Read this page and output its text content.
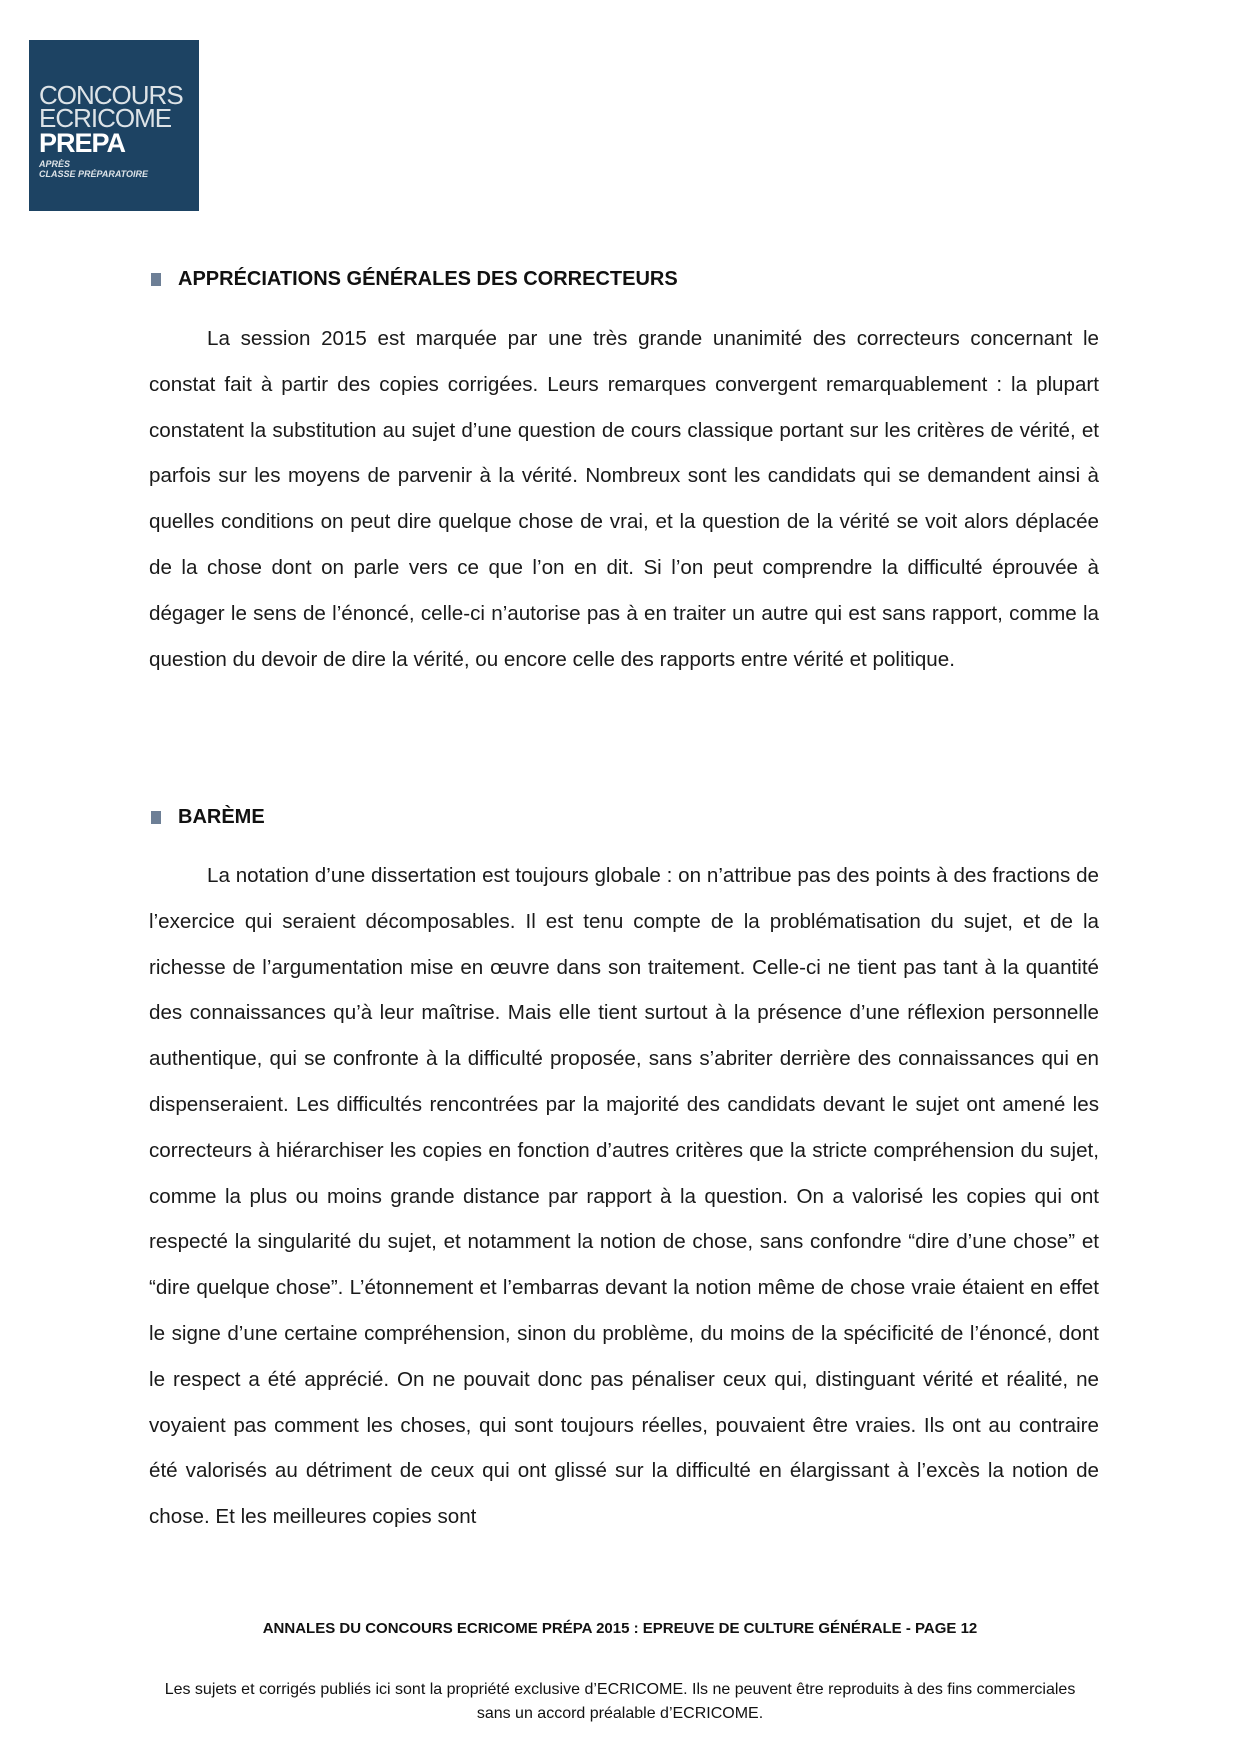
CONCOURS
ECRICOME
PREPA
APRÈS
CLASSE PRÉPARATOIRE
APPRÉCIATIONS GÉNÉRALES DES CORRECTEURS

La session 2015 est marquée par une très grande unanimité des correcteurs concernant le constat fait à partir des copies corrigées. Leurs remarques convergent remarquablement : la plupart constatent la substitution au sujet d’une question de cours classique portant sur les critères de vérité, et parfois sur les moyens de parvenir à la vérité. Nombreux sont les candidats qui se demandent ainsi à quelles conditions on peut dire quelque chose de vrai, et la question de la vérité se voit alors déplacée de la chose dont on parle vers ce que l’on en dit. Si l’on peut comprendre la difficulté éprouvée à dégager le sens de l’énoncé, celle-ci n’autorise pas à en traiter un autre qui est sans rapport, comme la question du devoir de dire la vérité, ou encore celle des rapports entre vérité et politique.

BARÈME

La notation d’une dissertation est toujours globale : on n’attribue pas des points à des fractions de l’exercice qui seraient décomposables. Il est tenu compte de la problématisation du sujet, et de la richesse de l’argumentation mise en œuvre dans son traitement. Celle-ci ne tient pas tant à la quantité des connaissances qu’à leur maîtrise. Mais elle tient surtout à la présence d’une réflexion personnelle authentique, qui se confronte à la difficulté proposée, sans s’abriter derrière des connaissances qui en dispenseraient. Les difficultés rencontrées par la majorité des candidats devant le sujet ont amené les correcteurs à hiérarchiser les copies en fonction d’autres critères que la stricte compréhension du sujet, comme la plus ou moins grande distance par rapport à la question. On a valorisé les copies qui ont respecté la singularité du sujet, et notamment la notion de chose, sans confondre “dire d’une chose” et “dire quelque chose”. L’étonnement et l’embarras devant la notion même de chose vraie étaient en effet le signe d’une certaine compréhension, sinon du problème, du moins de la spécificité de l’énoncé, dont le respect a été apprécié. On ne pouvait donc pas pénaliser ceux qui, distinguant vérité et réalité, ne voyaient pas comment les choses, qui sont toujours réelles, pouvaient être vraies. Ils ont au contraire été valorisés au détriment de ceux qui ont glissé sur la difficulté en élargissant à l’excès la notion de chose. Et les meilleures copies sont

ANNALES DU CONCOURS ECRICOME PRÉPA 2015 : EPREUVE DE CULTURE GÉNÉRALE - PAGE 12
Les sujets et corrigés publiés ici sont la propriété exclusive d’ECRICOME. Ils ne peuvent être reproduits à des fins commerciales sans un accord préalable d’ECRICOME.
